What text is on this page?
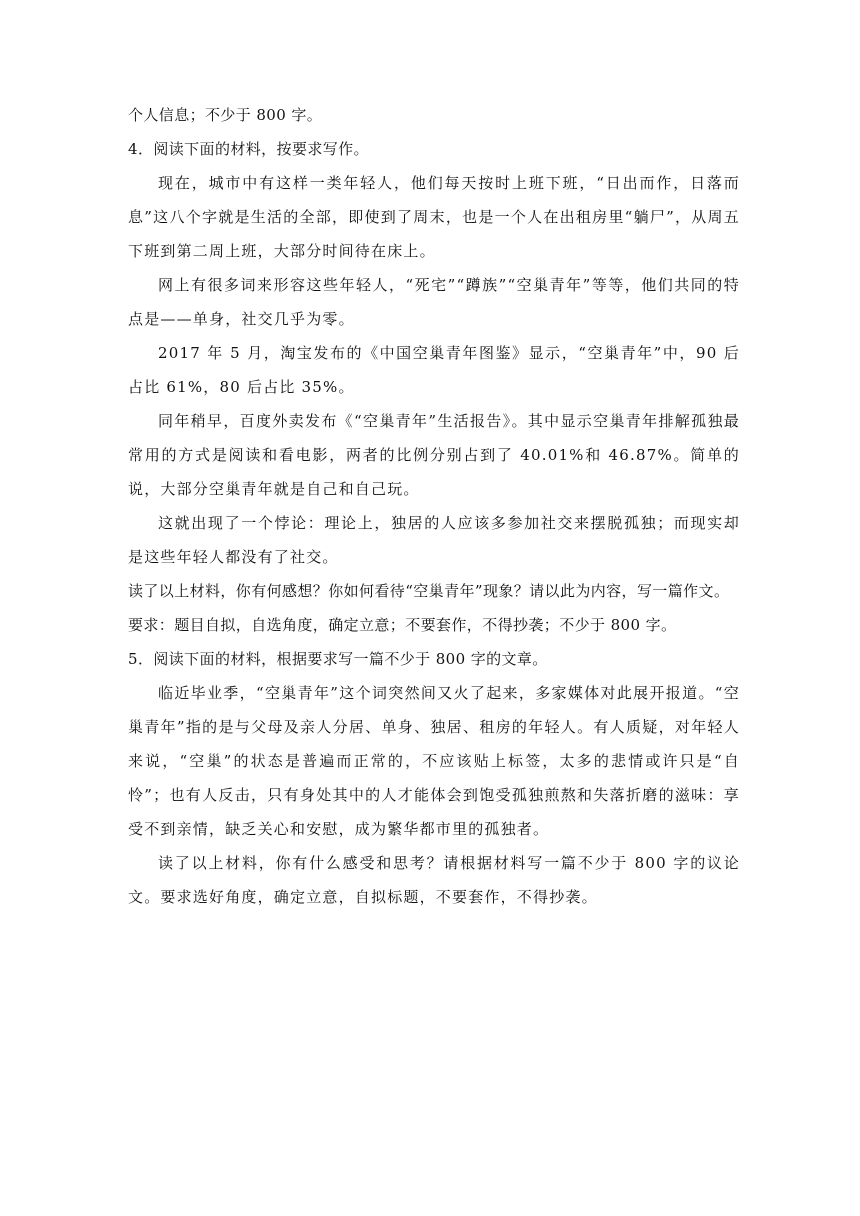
个人信息；不少于 800 字。
4．阅读下面的材料，按要求写作。

现在，城市中有这样一类年轻人，他们每天按时上班下班，“日出而作，日落而息”这八个字就是生活的全部，即使到了周末，也是一个人在出租房里“躺尸”，从周五下班到第二周上班，大部分时间待在床上。

网上有很多词来形容这些年轻人，“死宅”“蹲族”“空巢青年”等等，他们共同的特点是——单身，社交几乎为零。

2017 年 5 月，淘宝发布的《中国空巢青年图鉴》显示，“空巢青年”中，90 后占比 61%，80 后占比 35%。

同年稍早，百度外卖发布《“空巢青年”生活报告》。其中显示空巢青年排解孤独最常用的方式是阅读和看电影，两者的比例分别占到了 40.01%和 46.87%。简单的说，大部分空巢青年就是自己和自己玩。

这就出现了一个悖论：理论上，独居的人应该多参加社交来摆脱孤独；而现实却是这些年轻人都没有了社交。

读了以上材料，你有何感想？你如何看待“空巢青年”现象？请以此为内容，写一篇作文。
要求：题目自拟，自选角度，确定立意；不要套作，不得抄袭；不少于 800 字。
5．阅读下面的材料，根据要求写一篇不少于 800 字的文章。

临近毕业季，“空巢青年”这个词突然间又火了起来，多家媒体对此展开报道。“空巢青年”指的是与父母及亲人分居、单身、独居、租房的年轻人。有人质疑，对年轻人来说，“空巢”的状态是普遍而正常的，不应该贴上标签，太多的悲情或许只是“自怜”；也有人反击，只有身处其中的人才能体会到饱受孤独煎熬和失落折磨的滋味：享受不到亲情，缺乏关心和安慰，成为繁华都市里的孤独者。

读了以上材料，你有什么感受和思考？请根据材料写一篇不少于 800 字的议论文。要求选好角度，确定立意，自拟标题，不要套作，不得抄袭。
